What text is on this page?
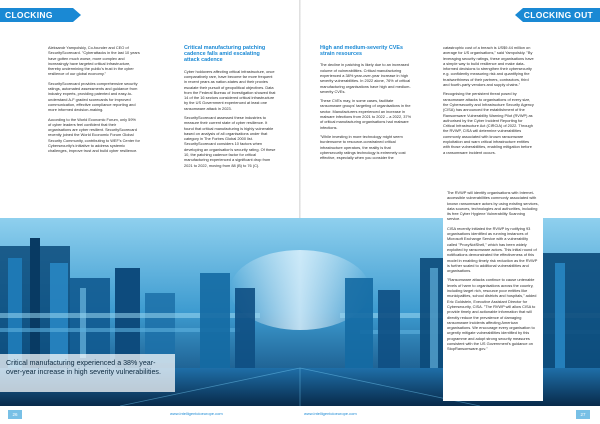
CLOCKING OUT
CLOCKING OUT

Aleksandr Yampolskiy, Co-founder and CEO of SecurityScorecard. "Cyberattacks in the last 10 years have gotten much worse, more complex and increasingly have targeted critical infrastructure, thereby undermining the public's trust in the cyber resilience of our global economy."

SecurityScorecard provides comprehensive security ratings, automated assessments and guidance from industry experts, providing patented and easy-to-understand A-F graded scorecards for improved communication, effective compliance reporting and more informed decision-making.

According to the World Economic Forum, only 59% of cyber leaders feel confident that their organisations are cyber resilient. SecurityScorecard recently joined the World Economic Forum Global Security Community, contributing to WEF's Center for Cybersecurity's initiative to address systemic challenges, improve trust and build cyber resilience.

Critical manufacturing patching cadence falls amid escalating attack cadence

Cyber holdovers affecting critical infrastructure, once comparatively rare, have become far more frequent in recent years as nation-states and their proxies escalate their pursuit of geopolitical objectives. Data from the Federal Bureau of Investigation showed that 14 of the 16 sectors considered critical infrastructure by the US Government experienced at least one ransomware attack in 2023.

SecurityScorecard assessed these industries to measure their current state of cyber resilience. It found that critical manufacturing is highly vulnerable based on analysis of all organisations under that category in The Forbes Global 2000 list. SecurityScorecard considers 10 factors when developing an organisation's security rating. Of these 10, the patching cadence factor for critical manufacturing experienced a significant drop from 2021 to 2022, moving from 88 (B) to 76 (C).

High and medium-severity CVEs strain resources

The decline in patching is likely due to an increased volume of vulnerabilities. Critical manufacturing experienced a 38% year-over-year increase in high severity vulnerabilities. In 2022 alone, 76% of critical manufacturing organisations have high and medium-severity CVEs.

These CVEs may, in some cases, facilitate ransomware groups' targeting of organisations in the sector. Manufacturers experienced an increase in malware infections from 2021 to 2022 – a 2022, 37% of critical manufacturing organisations had malware infections.

"While investing in more technology might seem burdensome to resource-constrained critical infrastructure operators, the reality is that cybersecurity ratings technology is extremely cost effective, especially when you consider the

catastrophic cost of a breach is US$9.44 million on average for US organisations," said Yampolskiy. "By leveraging security ratings, these organisations have a simple way to build resilience and make data-informed decisions to strengthen their cybersecurity e.g. confidently measuring risk and quantifying the trustworthiness of their partners, contractors, third and fourth-party vendors and supply chains."

Recognising the persistent threat posed by ransomware attacks to organisations of every size, the Cybersecurity and Infrastructure Security Agency (CISA) has announced the establishment of the Ransomware Vulnerability Warning Pilot (RVWP) as authorised by the Cyber Incident Reporting for Critical Infrastructure Act (CIRCIA) of 2022. Through the RVWP, CISA will determine vulnerabilities commonly associated with known ransomware exploitation and warn critical infrastructure entities with those vulnerabilities, enabling mitigation before a ransomware incident occurs.

The RVWP will identify organisations with Internet-accessible vulnerabilities commonly associated with known ransomware actors by using existing services, data sources, technologies and authorities, including its free Cyber Hygiene Vulnerability Scanning service.

CISA recently initiated the RVWP by notifying 93 organisations identified as running instances of Microsoft Exchange Service with a vulnerability called "ProxyNotShell," which has been widely exploited by ransomware actors. This initial round of notifications demonstrated the effectiveness of this model in enabling timely risk reduction as the RVWP is further scaled to additional vulnerabilities and organisations.

"Ransomware attacks continue to cause untenable levels of harm to organisations across the country, including target rich, resource poor entities like municipalities, school districts and hospitals," added Eric Goldstein, Executive Assistant Director for Cybersecurity, CISA. "The RVWP will allow CISA to provide timely and actionable information that will directly reduce the prevalence of damaging ransomware incidents affecting American organisations. We encourage every organisation to urgently mitigate vulnerabilities identified by this programme and adopt strong security measures consistent with the US Government's guidance on StopRansomware.gov."

Critical manufacturing experienced a 38% year-over-year increase in high severity vulnerabilities.
26	27
www.intelligentcioeurope.com	www.intelligentcioeurope.com
